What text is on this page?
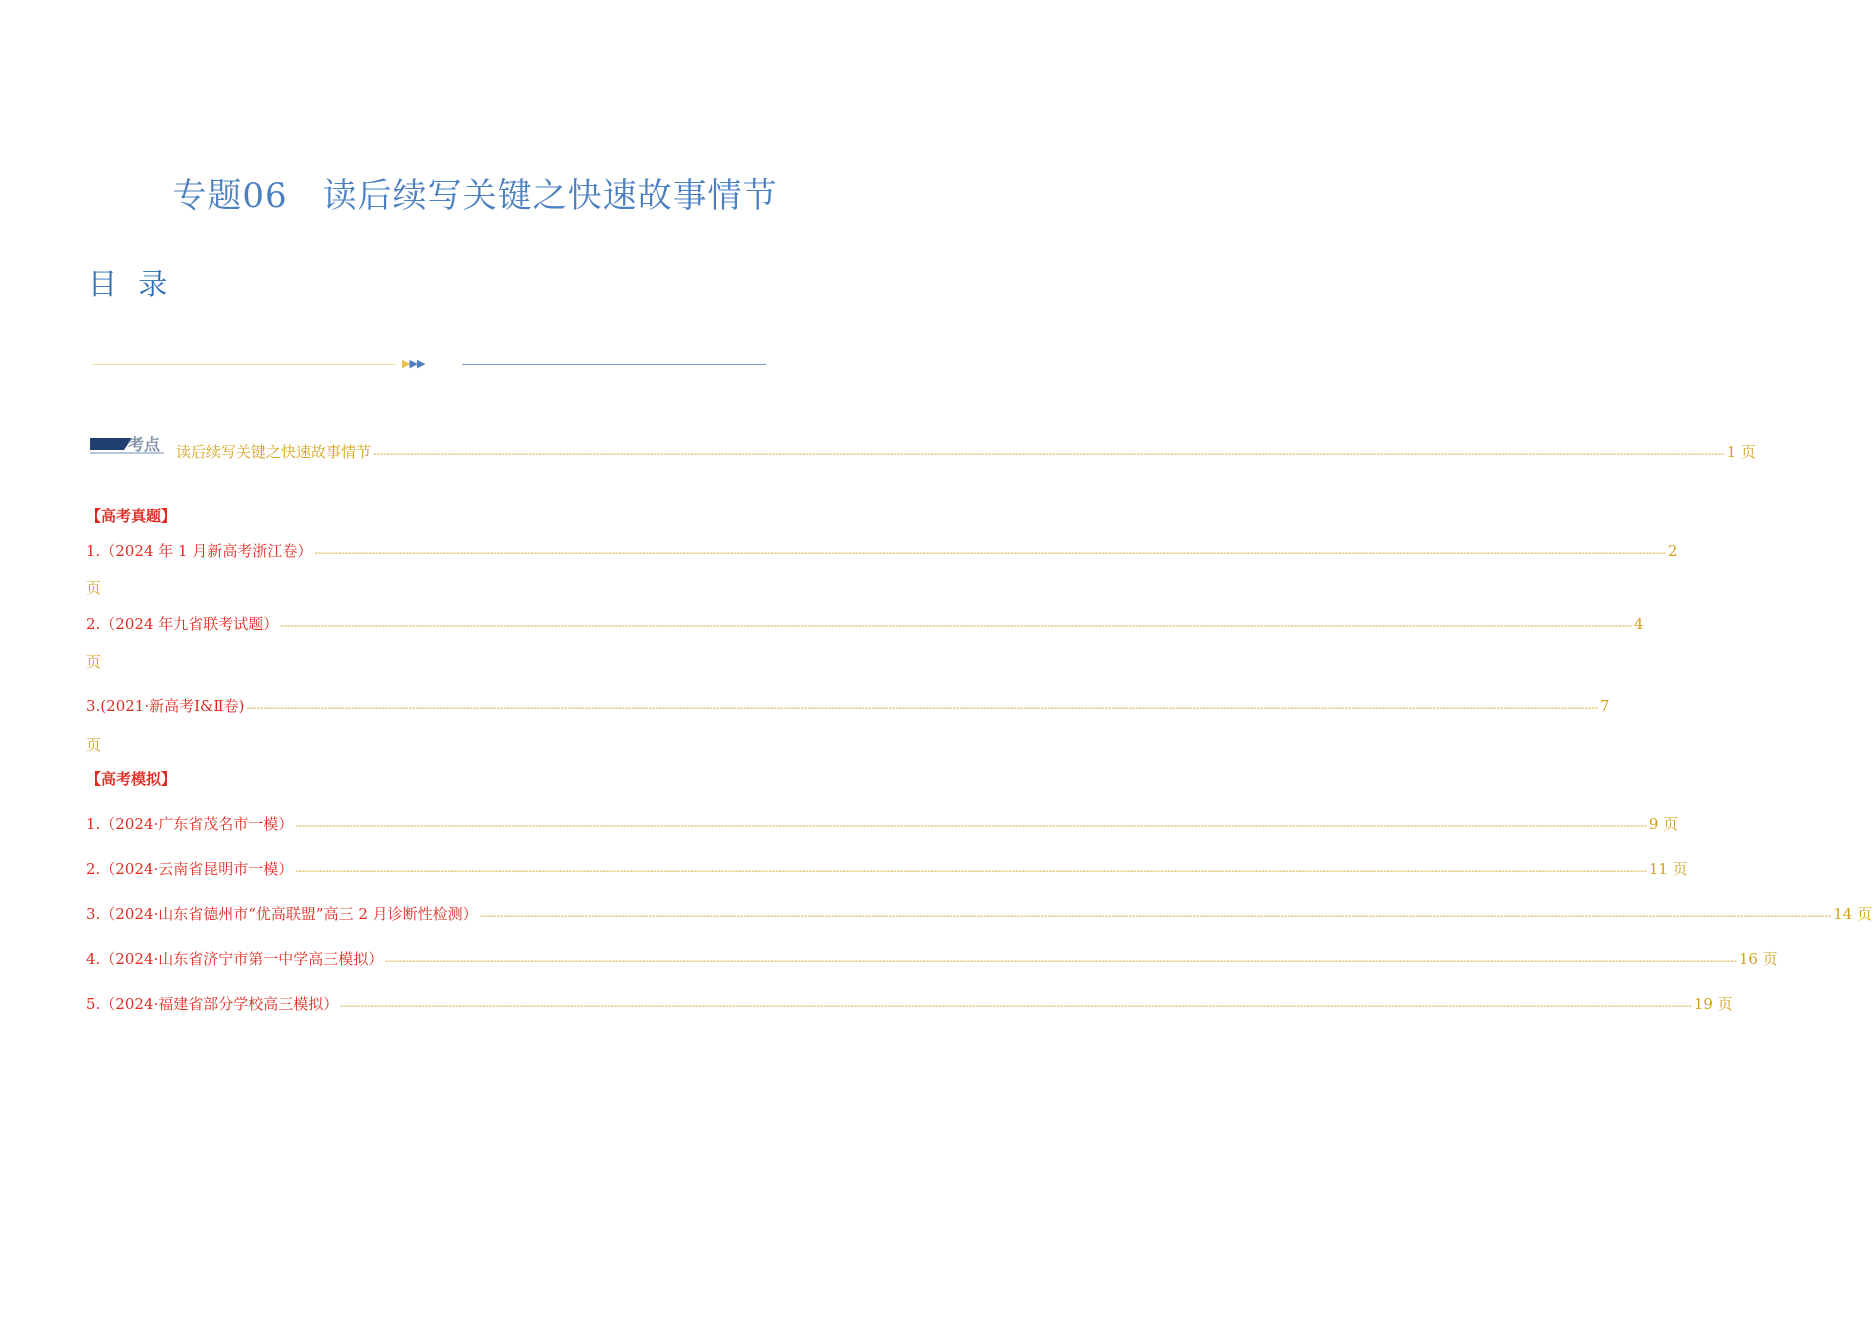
专题06　读后续写关键之快速故事情节
目 录
▶▶▶
考点 读后续写关键之快速故事情节 ---------------------------------------------------------------------------------------------------------------------------------------------------------------------------------------------------------------------------------------------------------------------------------------------------------------------------------------------------------------------------------------------------------------- 1 页
【高考真题】
1.（2024 年 1 月新高考浙江卷） ---------------------------------------------------------------------------------------------------------------------------------------------------------------------------------------------------------------------------------------------------------------------------------------------------------------------------------------------------------------------------------------------------------------- 2
页
2.（2024 年九省联考试题） ---------------------------------------------------------------------------------------------------------------------------------------------------------------------------------------------------------------------------------------------------------------------------------------------------------------------------------------------------------------------------------------------------------------- 4
页
3.(2021·新高考Ⅰ&Ⅱ卷) ---------------------------------------------------------------------------------------------------------------------------------------------------------------------------------------------------------------------------------------------------------------------------------------------------------------------------------------------------------------------------------------------------------------- 7
页
【高考模拟】
1.（2024·广东省茂名市一模） ---------------------------------------------------------------------------------------------------------------------------------------------------------------------------------------------------------------------------------------------------------------------------------------------------------------------------------------------------------------------------------------------------------------- 9 页
2.（2024·云南省昆明市一模） ---------------------------------------------------------------------------------------------------------------------------------------------------------------------------------------------------------------------------------------------------------------------------------------------------------------------------------------------------------------------------------------------------------------- 11 页
3.（2024·山东省德州市“优高联盟”高三 2 月诊断性检测） ---------------------------------------------------------------------------------------------------------------------------------------------------------------------------------------------------------------------------------------------------------------------------------------------------------------------------------------------------------------------------------------------------------------- 14 页
4.（2024·山东省济宁市第一中学高三模拟） ---------------------------------------------------------------------------------------------------------------------------------------------------------------------------------------------------------------------------------------------------------------------------------------------------------------------------------------------------------------------------------------------------------------- 16 页
5.（2024·福建省部分学校高三模拟） ---------------------------------------------------------------------------------------------------------------------------------------------------------------------------------------------------------------------------------------------------------------------------------------------------------------------------------------------------------------------------------------------------------------- 19 页
